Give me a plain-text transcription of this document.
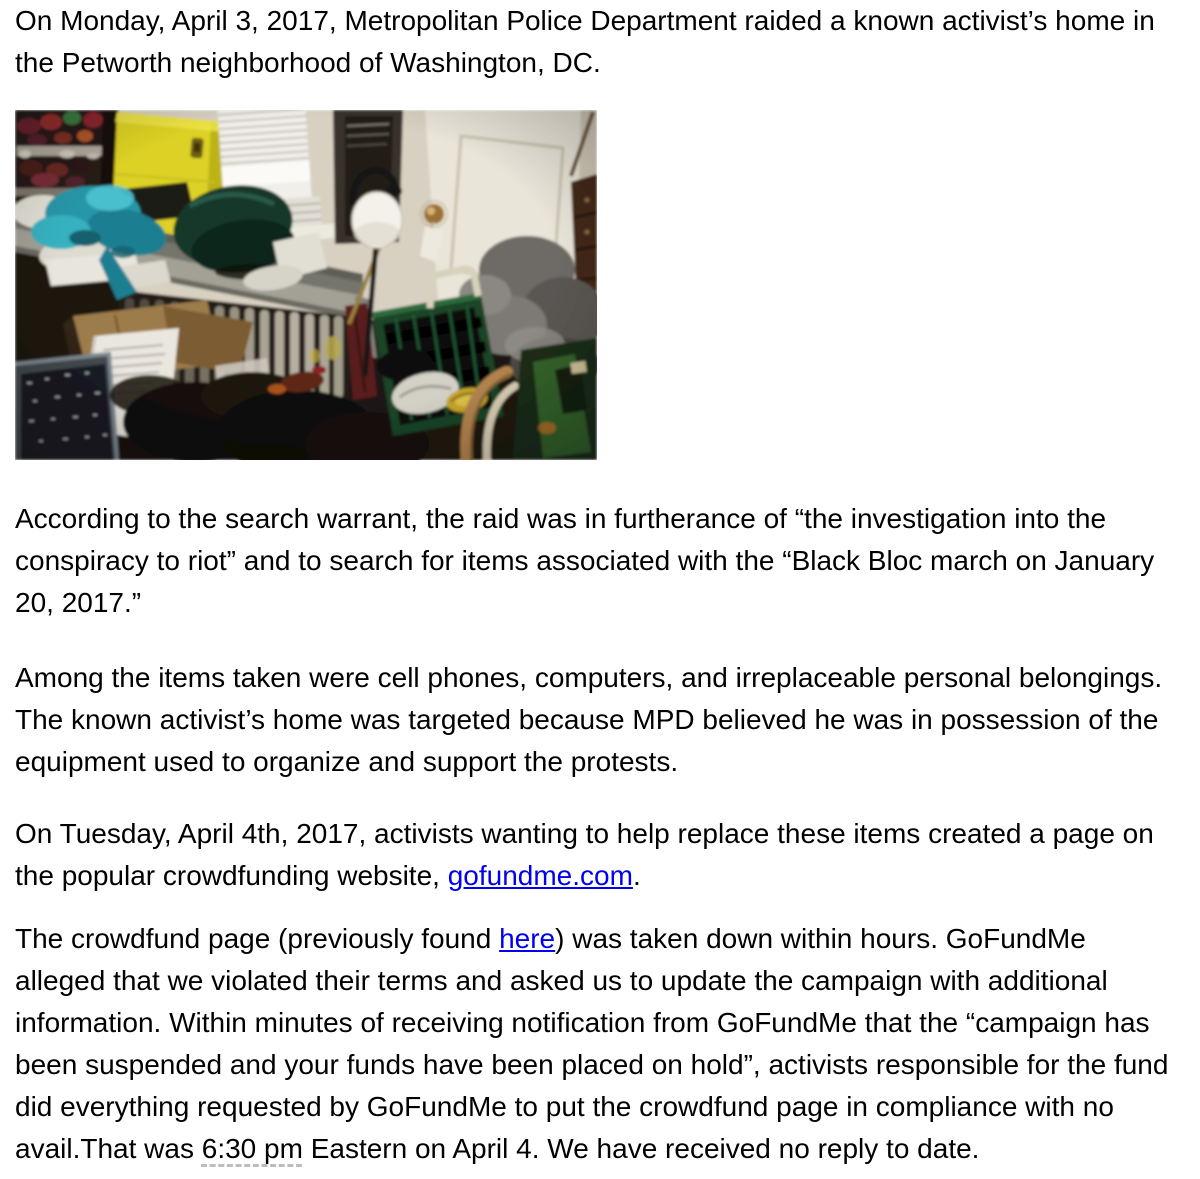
On Monday, April 3, 2017, Metropolitan Police Department raided a known activist’s home in the Petworth neighborhood of Washington, DC.

According to the search warrant, the raid was in furtherance of “the investigation into the conspiracy to riot” and to search for items associated with the “Black Bloc march on January 20, 2017.”

Among the items taken were cell phones, computers, and irreplaceable personal belongings. The known activist’s home was targeted because MPD believed he was in possession of the equipment used to organize and support the protests.

On Tuesday, April 4th, 2017, activists wanting to help replace these items created a page on the popular crowdfunding website, gofundme.com.

The crowdfund page (previously found here) was taken down within hours. GoFundMe alleged that we violated their terms and asked us to update the campaign with additional information. Within minutes of receiving notification from GoFundMe that the “campaign has been suspended and your funds have been placed on hold”, activists responsible for the fund did everything requested by GoFundMe to put the crowdfund page in compliance with no avail.That was 6:30 pm Eastern on April 4. We have received no reply to date.
